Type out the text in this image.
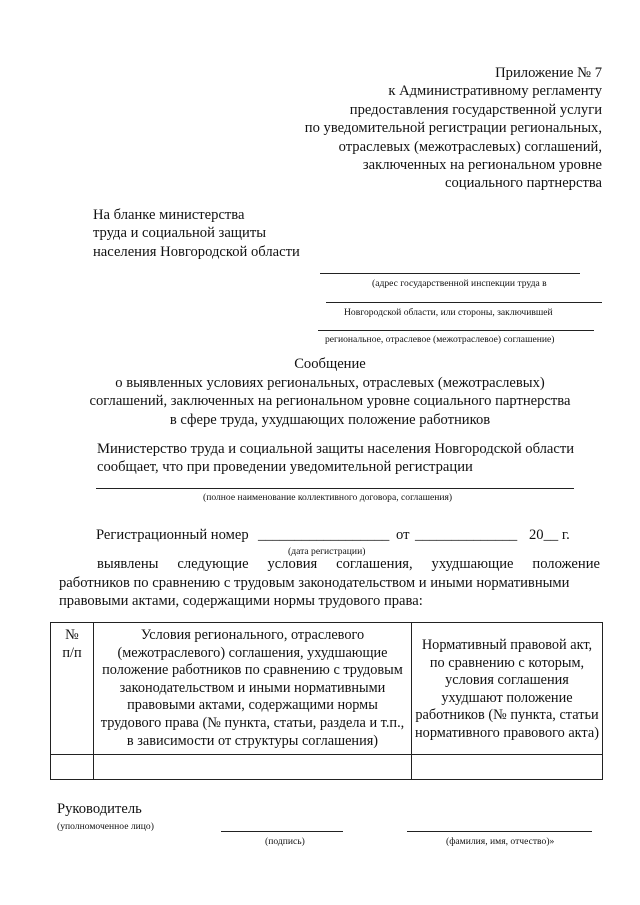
Приложение № 7
к Административному регламенту
предоставления государственной услуги
по уведомительной регистрации региональных,
отраслевых (межотраслевых) соглашений,
заключенных на региональном уровне
социального партнерства
На бланке министерства
труда и социальной защиты
населения Новгородской области
(адрес государственной инспекции труда в
Новгородской области, или стороны, заключившей
региональное, отраслевое (межотраслевое) соглашение)
Сообщение
о выявленных условиях региональных, отраслевых (межотраслевых)
соглашений, заключенных на региональном уровне социального партнерства
в сфере труда, ухудшающих положение работников
Министерство труда и социальной защиты населения Новгородской области
сообщает, что при проведении уведомительной регистрации
(полное наименование коллективного договора, соглашения)
Регистрационный номер __________________ от ______________ 20__ г.
(дата регистрации)
выявлены следующие условия соглашения, ухудшающие положение
работников по сравнению с трудовым законодательством и иными нормативными
правовыми актами, содержащими нормы трудового права:
№
п/п	Условия регионального, отраслевого (межотраслевого) соглашения, ухудшающие положение работников по сравнению с трудовым законодательством и иными нормативными правовыми актами, содержащими нормы трудового права (№ пункта, статьи, раздела и т.п., в зависимости от структуры соглашения)	Нормативный правовой акт, по сравнению с которым, условия соглашения ухудшают положение работников (№ пункта, статьи нормативного правового акта)

Руководитель
(уполномоченное лицо)
(подпись)	(фамилия, имя, отчество)»
